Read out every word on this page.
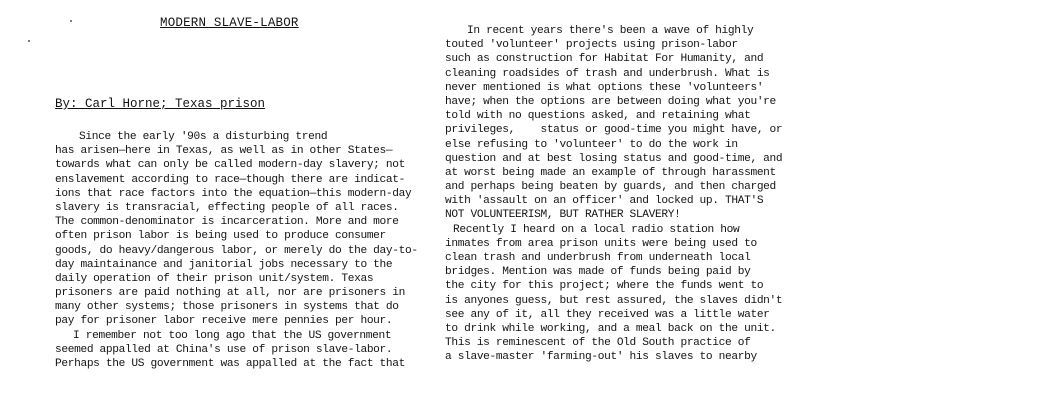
MODERN SLAVE-LABOR
By: Carl Horne; Texas prison
Since the early '90s a disturbing trend
has arisen—here in Texas, as well as in other States—
towards what can only be called modern-day slavery; not
enslavement according to race—though there are indicat-
ions that race factors into the equation—this modern-day
slavery is transracial, effecting people of all races.
The common-denominator is incarceration. More and more
often prison labor is being used to produce consumer
goods, do heavy/dangerous labor, or merely do the day-to-
day maintainance and janitorial jobs necessary to the
daily operation of their prison unit/system. Texas
prisoners are paid nothing at all, nor are prisoners in
many other systems; those prisoners in systems that do
pay for prisoner labor receive mere pennies per hour.
I remember not too long ago that the US government
seemed appalled at China's use of prison slave-labor.
Perhaps the US government was appalled at the fact that
In recent years there's been a wave of highly
touted 'volunteer' projects using prison-labor
such as construction for Habitat For Humanity, and
cleaning roadsides of trash and underbrush. What is
never mentioned is what options these 'volunteers'
have; when the options are between doing what you're
told with no questions asked, and retaining what
privileges,    status or good-time you might have, or
else refusing to 'volunteer' to do the work in
question and at best losing status and good-time, and
at worst being made an example of through harassment
and perhaps being beaten by guards, and then charged
with 'assault on an officer' and locked up. THAT'S
NOT VOLUNTEERISM, BUT RATHER SLAVERY!
Recently I heard on a local radio station how
inmates from area prison units were being used to
clean trash and underbrush from underneath local
bridges. Mention was made of funds being paid by
the city for this project; where the funds went to
is anyones guess, but rest assured, the slaves didn't
see any of it, all they received was a little water
to drink while working, and a meal back on the unit.
This is reminescent of the Old South practice of
a slave-master 'farming-out' his slaves to nearby
